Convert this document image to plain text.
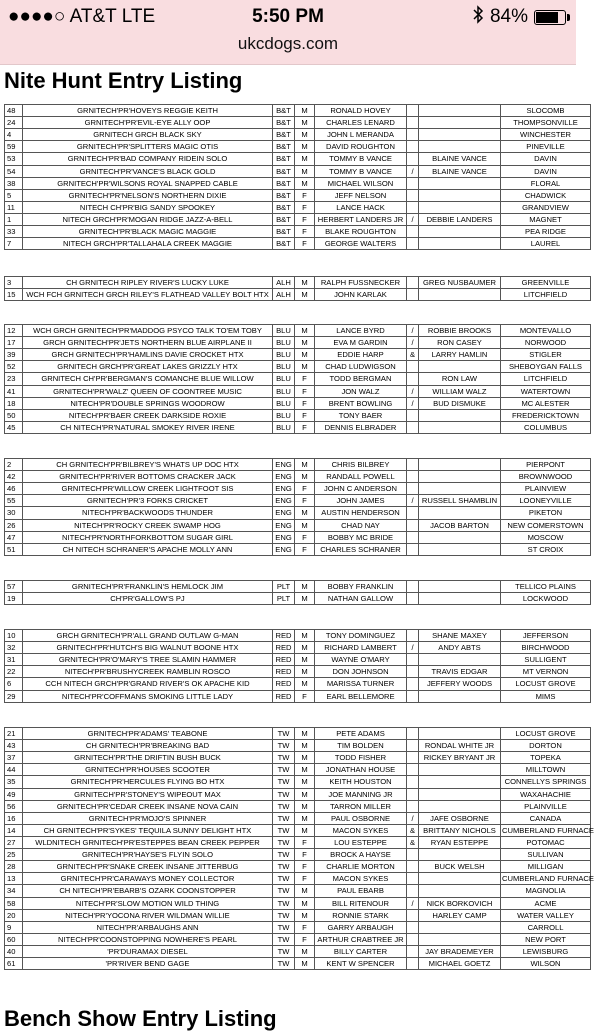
●●●●○ AT&T LTE	5:50 PM	84%
ukcdogs.com
Nite Hunt Entry Listing
48	GRNITECH'PR'HOVEYS REGGIE KEITH	B&T	M	RONALD HOVEY			SLOCOMB
24	GRNITECH'PR'EVIL-EYE ALLY OOP	B&T	M	CHARLES LENARD			THOMPSONVILLE
4	GRNITECH GRCH BLACK SKY	B&T	M	JOHN L MERANDA			WINCHESTER
59	GRNITECH'PR'SPLITTERS MAGIC OTIS	B&T	M	DAVID ROUGHTON			PINEVILLE
53	GRNITECH'PR'BAD COMPANY RIDEIN SOLO	B&T	M	TOMMY B VANCE		BLAINE VANCE	DAVIN
54	GRNITECH'PR'VANCE'S BLACK GOLD	B&T	M	TOMMY B VANCE	/	BLAINE VANCE	DAVIN
38	GRNITECH'PR'WILSONS ROYAL SNAPPED CABLE	B&T	M	MICHAEL WILSON			FLORAL
5	GRNITECH'PR'NELSON'S NORTHERN DIXIE	B&T	F	JEFF NELSON			CHADWICK
11	NITECH CH'PR'BIG SANDY SPOOKEY	B&T	F	LANCE HACK			GRANDVIEW
1	NITECH GRCH'PR'MOGAN RIDGE JAZZ-A-BELL	B&T	F	HERBERT LANDERS JR	/	DEBBIE LANDERS	MAGNET
33	GRNITECH'PR'BLACK MAGIC MAGGIE	B&T	F	BLAKE ROUGHTON			PEA RIDGE
7	NITECH GRCH'PR'TALLAHALA CREEK MAGGIE	B&T	F	GEORGE WALTERS			LAUREL
3	CH GRNITECH RIPLEY RIVER'S LUCKY LUKE	ALH	M	RALPH FUSSNECKER		GREG NUSBAUMER	GREENVILLE
15	WCH FCH GRNITECH GRCH RILEY'S FLATHEAD VALLEY BOLT HTX	ALH	M	JOHN KARLAK			LITCHFIELD
12	WCH GRCH GRNITECH'PR'MADDOG PSYCO TALK TO'EM TOBY	BLU	M	LANCE BYRD	/	ROBBIE BROOKS	MONTEVALLO
17	GRCH GRNITECH'PR'JETS NORTHERN BLUE AIRPLANE II	BLU	M	EVA M GARDIN	/	RON CASEY	NORWOOD
39	GRCH GRNITECH'PR'HAMLINS DAVIE CROCKET HTX	BLU	M	EDDIE HARP	&	LARRY HAMLIN	STIGLER
52	GRNITECH GRCH'PR'GREAT LAKES GRIZZLY HTX	BLU	M	CHAD LUDWIGSON			SHEBOYGAN FALLS
23	GRNITECH CH'PR'BERGMAN'S COMANCHE BLUE WILLOW	BLU	F	TODD BERGMAN		RON LAW	LITCHFIELD
41	GRNITECH'PR'WALZ' QUEEN OF COONTREE MUSIC	BLU	F	JON WALZ	/	WILLIAM WALZ	WATERTOWN
18	NITECH'PR'DOUBLE SPRINGS WOODROW	BLU	F	BRENT BOWLING	/	BUD DISMUKE	MC ALESTER
50	NITECH'PR'BAER CREEK DARKSIDE ROXIE	BLU	F	TONY BAER			FREDERICKTOWN
45	CH NITECH'PR'NATURAL SMOKEY RIVER IRENE	BLU	F	DENNIS ELBRADER			COLUMBUS
2	CH GRNITECH'PR'BILBREY'S WHATS UP DOC HTX	ENG	M	CHRIS BILBREY			PIERPONT
42	GRNITECH'PR'RIVER BOTTOMS CRACKER JACK	ENG	M	RANDALL POWELL			BROWNWOOD
46	GRNITECH'PR'WILLOW CREEK LIGHTFOOT SIS	ENG	F	JOHN C ANDERSON			PLAINVIEW
55	GRNITECH'PR'3 FORKS CRICKET	ENG	F	JOHN JAMES	/	RUSSELL SHAMBLIN	LOONEYVILLE
30	NITECH'PR'BACKWOODS THUNDER	ENG	M	AUSTIN HENDERSON			PIKETON
26	NITECH'PR'ROCKY CREEK SWAMP HOG	ENG	M	CHAD NAY		JACOB BARTON	NEW COMERSTOWN
47	NITECH'PR'NORTHFORKBOTTOM SUGAR GIRL	ENG	F	BOBBY MC BRIDE			MOSCOW
51	CH NITECH SCHRANER'S APACHE MOLLY ANN	ENG	F	CHARLES SCHRANER			ST CROIX
57	GRNITECH'PR'FRANKLIN'S HEMLOCK JIM	PLT	M	BOBBY FRANKLIN			TELLICO PLAINS
19	CH'PR'GALLOW'S PJ	PLT	M	NATHAN GALLOW			LOCKWOOD
10	GRCH GRNITECH'PR'ALL GRAND OUTLAW G-MAN	RED	M	TONY DOMINGUEZ		SHANE MAXEY	JEFFERSON
32	GRNITECH'PR'HUTCH'S BIG WALNUT BOONE HTX	RED	M	RICHARD LAMBERT	/	ANDY ABTS	BIRCHWOOD
31	GRNITECH'PR'O'MARY'S TREE SLAMIN HAMMER	RED	M	WAYNE O'MARY			SULLIGENT
22	NITECH'PR'BRUSHYCREEK RAMBLIN ROSCO	RED	M	DON JOHNSON		TRAVIS EDGAR	MT VERNON
6	CCH NITECH GRCH'PR'GRAND RIVER'S OK APACHE KID	RED	M	MARISSA TURNER		JEFFERY WOODS	LOCUST GROVE
29	NITECH'PR'COFFMANS SMOKING LITTLE LADY	RED	F	EARL BELLEMORE			MIMS
21	GRNITECH'PR'ADAMS' TEABONE	TW	M	PETE ADAMS			LOCUST GROVE
43	CH GRNITECH'PR'BREAKING BAD	TW	M	TIM BOLDEN		RONDAL WHITE JR	DORTON
37	GRNITECH'PR'THE DRIFTIN BUSH BUCK	TW	M	TODD FISHER		RICKEY BRYANT JR	TOPEKA
44	GRNITECH'PR'HOUSES SCOOTER	TW	M	JONATHAN HOUSE			MILLTOWN
35	GRNITECH'PR'HERCULES FLYING BO HTX	TW	M	KEITH HOUSTON			CONNELLYS SPRINGS
49	GRNITECH'PR'STONEY'S WIPEOUT MAX	TW	M	JOE MANNING JR			WAXAHACHIE
56	GRNITECH'PR'CEDAR CREEK INSANE NOVA CAIN	TW	M	TARRON MILLER			PLAINVILLE
16	GRNITECH'PR'MOJO'S SPINNER	TW	M	PAUL OSBORNE	/	JAFE OSBORNE	CANADA
14	CH GRNITECH'PR'SYKES' TEQUILA SUNNY DELIGHT HTX	TW	M	MACON SYKES	&	BRITTANY NICHOLS	CUMBERLAND FURNACE
27	WLDNITECH GRNITECH'PR'ESTEPPES BEAN CREEK PEPPER	TW	F	LOU ESTEPPE	&	RYAN ESTEPPE	POTOMAC
25	GRNITECH'PR'HAYSE'S FLYIN SOLO	TW	F	BROCK A HAYSE			SULLIVAN
28	GRNITECH'PR'SNAKE CREEK INSANE JITTERBUG	TW	F	CHARLIE MORTON		BUCK WELSH	MILLIGAN
13	GRNITECH'PR'CARAWAYS MONEY COLLECTOR	TW	F	MACON SYKES			CUMBERLAND FURNACE
34	CH NITECH'PR'EBARB'S OZARK COONSTOPPER	TW	M	PAUL EBARB			MAGNOLIA
58	NITECH'PR'SLOW MOTION WILD THING	TW	M	BILL RITENOUR	/	NICK BORKOVICH	ACME
20	NITECH'PR'YOCONA RIVER WILDMAN WILLIE	TW	M	RONNIE STARK		HARLEY CAMP	WATER VALLEY
9	NITECH'PR'ARBAUGHS ANN	TW	F	GARRY ARBAUGH			CARROLL
60	NITECH'PR'COONSTOPPING NOWHERE'S PEARL	TW	F	ARTHUR CRABTREE JR			NEW PORT
40	'PR'DURAMAX DIESEL	TW	M	BILLY CARTER		JAY BRADEMEYER	LEWISBURG
61	'PR'RIVER BEND GAGE	TW	M	KENT W SPENCER		MICHAEL GOETZ	WILSON
Bench Show Entry Listing
